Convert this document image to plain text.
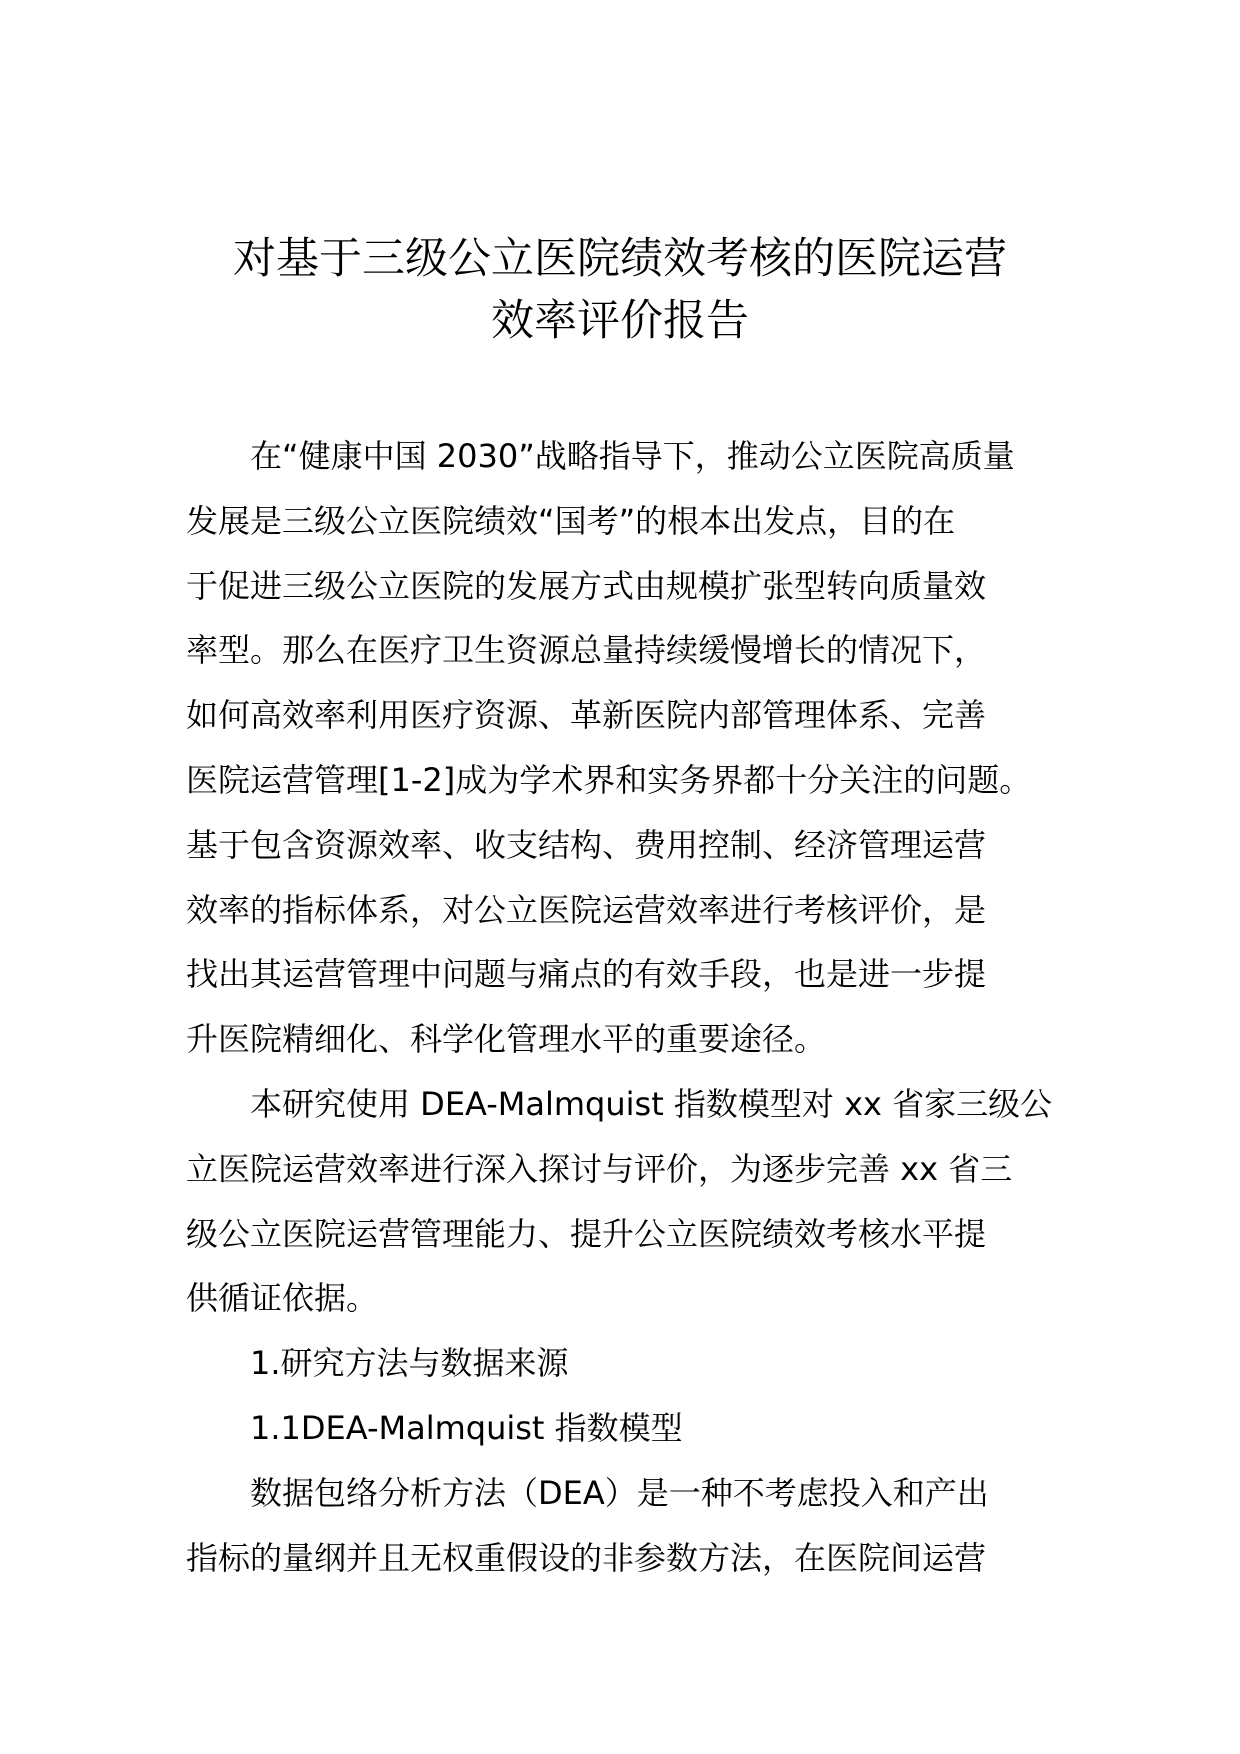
对基于三级公立医院绩效考核的医院运营
效率评价报告
在“健康中国 2030”战略指导下，推动公立医院高质量
发展是三级公立医院绩效“国考”的根本出发点，目的在
于促进三级公立医院的发展方式由规模扩张型转向质量效
率型。那么在医疗卫生资源总量持续缓慢增长的情况下，
如何高效率利用医疗资源、革新医院内部管理体系、完善
医院运营管理[1-2]成为学术界和实务界都十分关注的问题。
基于包含资源效率、收支结构、费用控制、经济管理运营
效率的指标体系，对公立医院运营效率进行考核评价，是
找出其运营管理中问题与痛点的有效手段，也是进一步提
升医院精细化、科学化管理水平的重要途径。
本研究使用 DEA-Malmquist 指数模型对 xx 省家三级公
立医院运营效率进行深入探讨与评价，为逐步完善 xx 省三
级公立医院运营管理能力、提升公立医院绩效考核水平提
供循证依据。
1.研究方法与数据来源
1.1DEA-Malmquist 指数模型
数据包络分析方法（DEA）是一种不考虑投入和产出
指标的量纲并且无权重假设的非参数方法，在医院间运营
